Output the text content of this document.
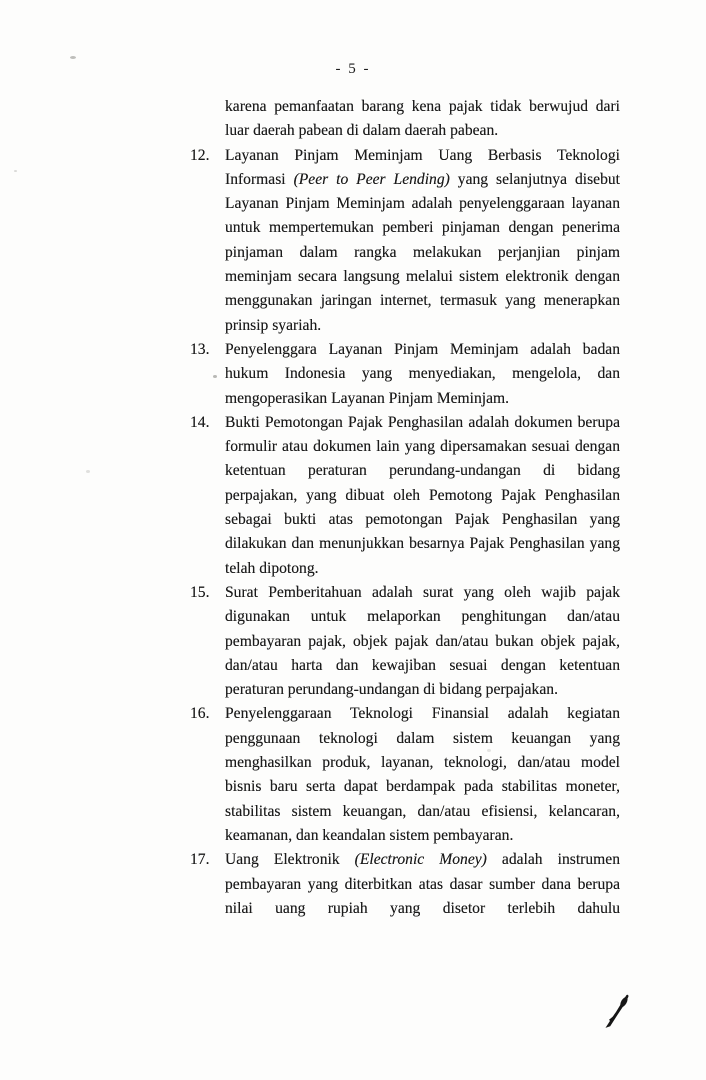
- 5 -

karena pemanfaatan barang kena pajak tidak berwujud dari luar daerah pabean di dalam daerah pabean.

12. Layanan Pinjam Meminjam Uang Berbasis Teknologi Informasi (Peer to Peer Lending) yang selanjutnya disebut Layanan Pinjam Meminjam adalah penyelenggaraan layanan untuk mempertemukan pemberi pinjaman dengan penerima pinjaman dalam rangka melakukan perjanjian pinjam meminjam secara langsung melalui sistem elektronik dengan menggunakan jaringan internet, termasuk yang menerapkan prinsip syariah.
13. Penyelenggara Layanan Pinjam Meminjam adalah badan hukum Indonesia yang menyediakan, mengelola, dan mengoperasikan Layanan Pinjam Meminjam.
14. Bukti Pemotongan Pajak Penghasilan adalah dokumen berupa formulir atau dokumen lain yang dipersamakan sesuai dengan ketentuan peraturan perundang-undangan di bidang perpajakan, yang dibuat oleh Pemotong Pajak Penghasilan sebagai bukti atas pemotongan Pajak Penghasilan yang dilakukan dan menunjukkan besarnya Pajak Penghasilan yang telah dipotong.
15. Surat Pemberitahuan adalah surat yang oleh wajib pajak digunakan untuk melaporkan penghitungan dan/atau pembayaran pajak, objek pajak dan/atau bukan objek pajak, dan/atau harta dan kewajiban sesuai dengan ketentuan peraturan perundang-undangan di bidang perpajakan.
16. Penyelenggaraan Teknologi Finansial adalah kegiatan penggunaan teknologi dalam sistem keuangan yang menghasilkan produk, layanan, teknologi, dan/atau model bisnis baru serta dapat berdampak pada stabilitas moneter, stabilitas sistem keuangan, dan/atau efisiensi, kelancaran, keamanan, dan keandalan sistem pembayaran.
17. Uang Elektronik (Electronic Money) adalah instrumen pembayaran yang diterbitkan atas dasar sumber dana berupa nilai uang rupiah yang disetor terlebih dahulu
